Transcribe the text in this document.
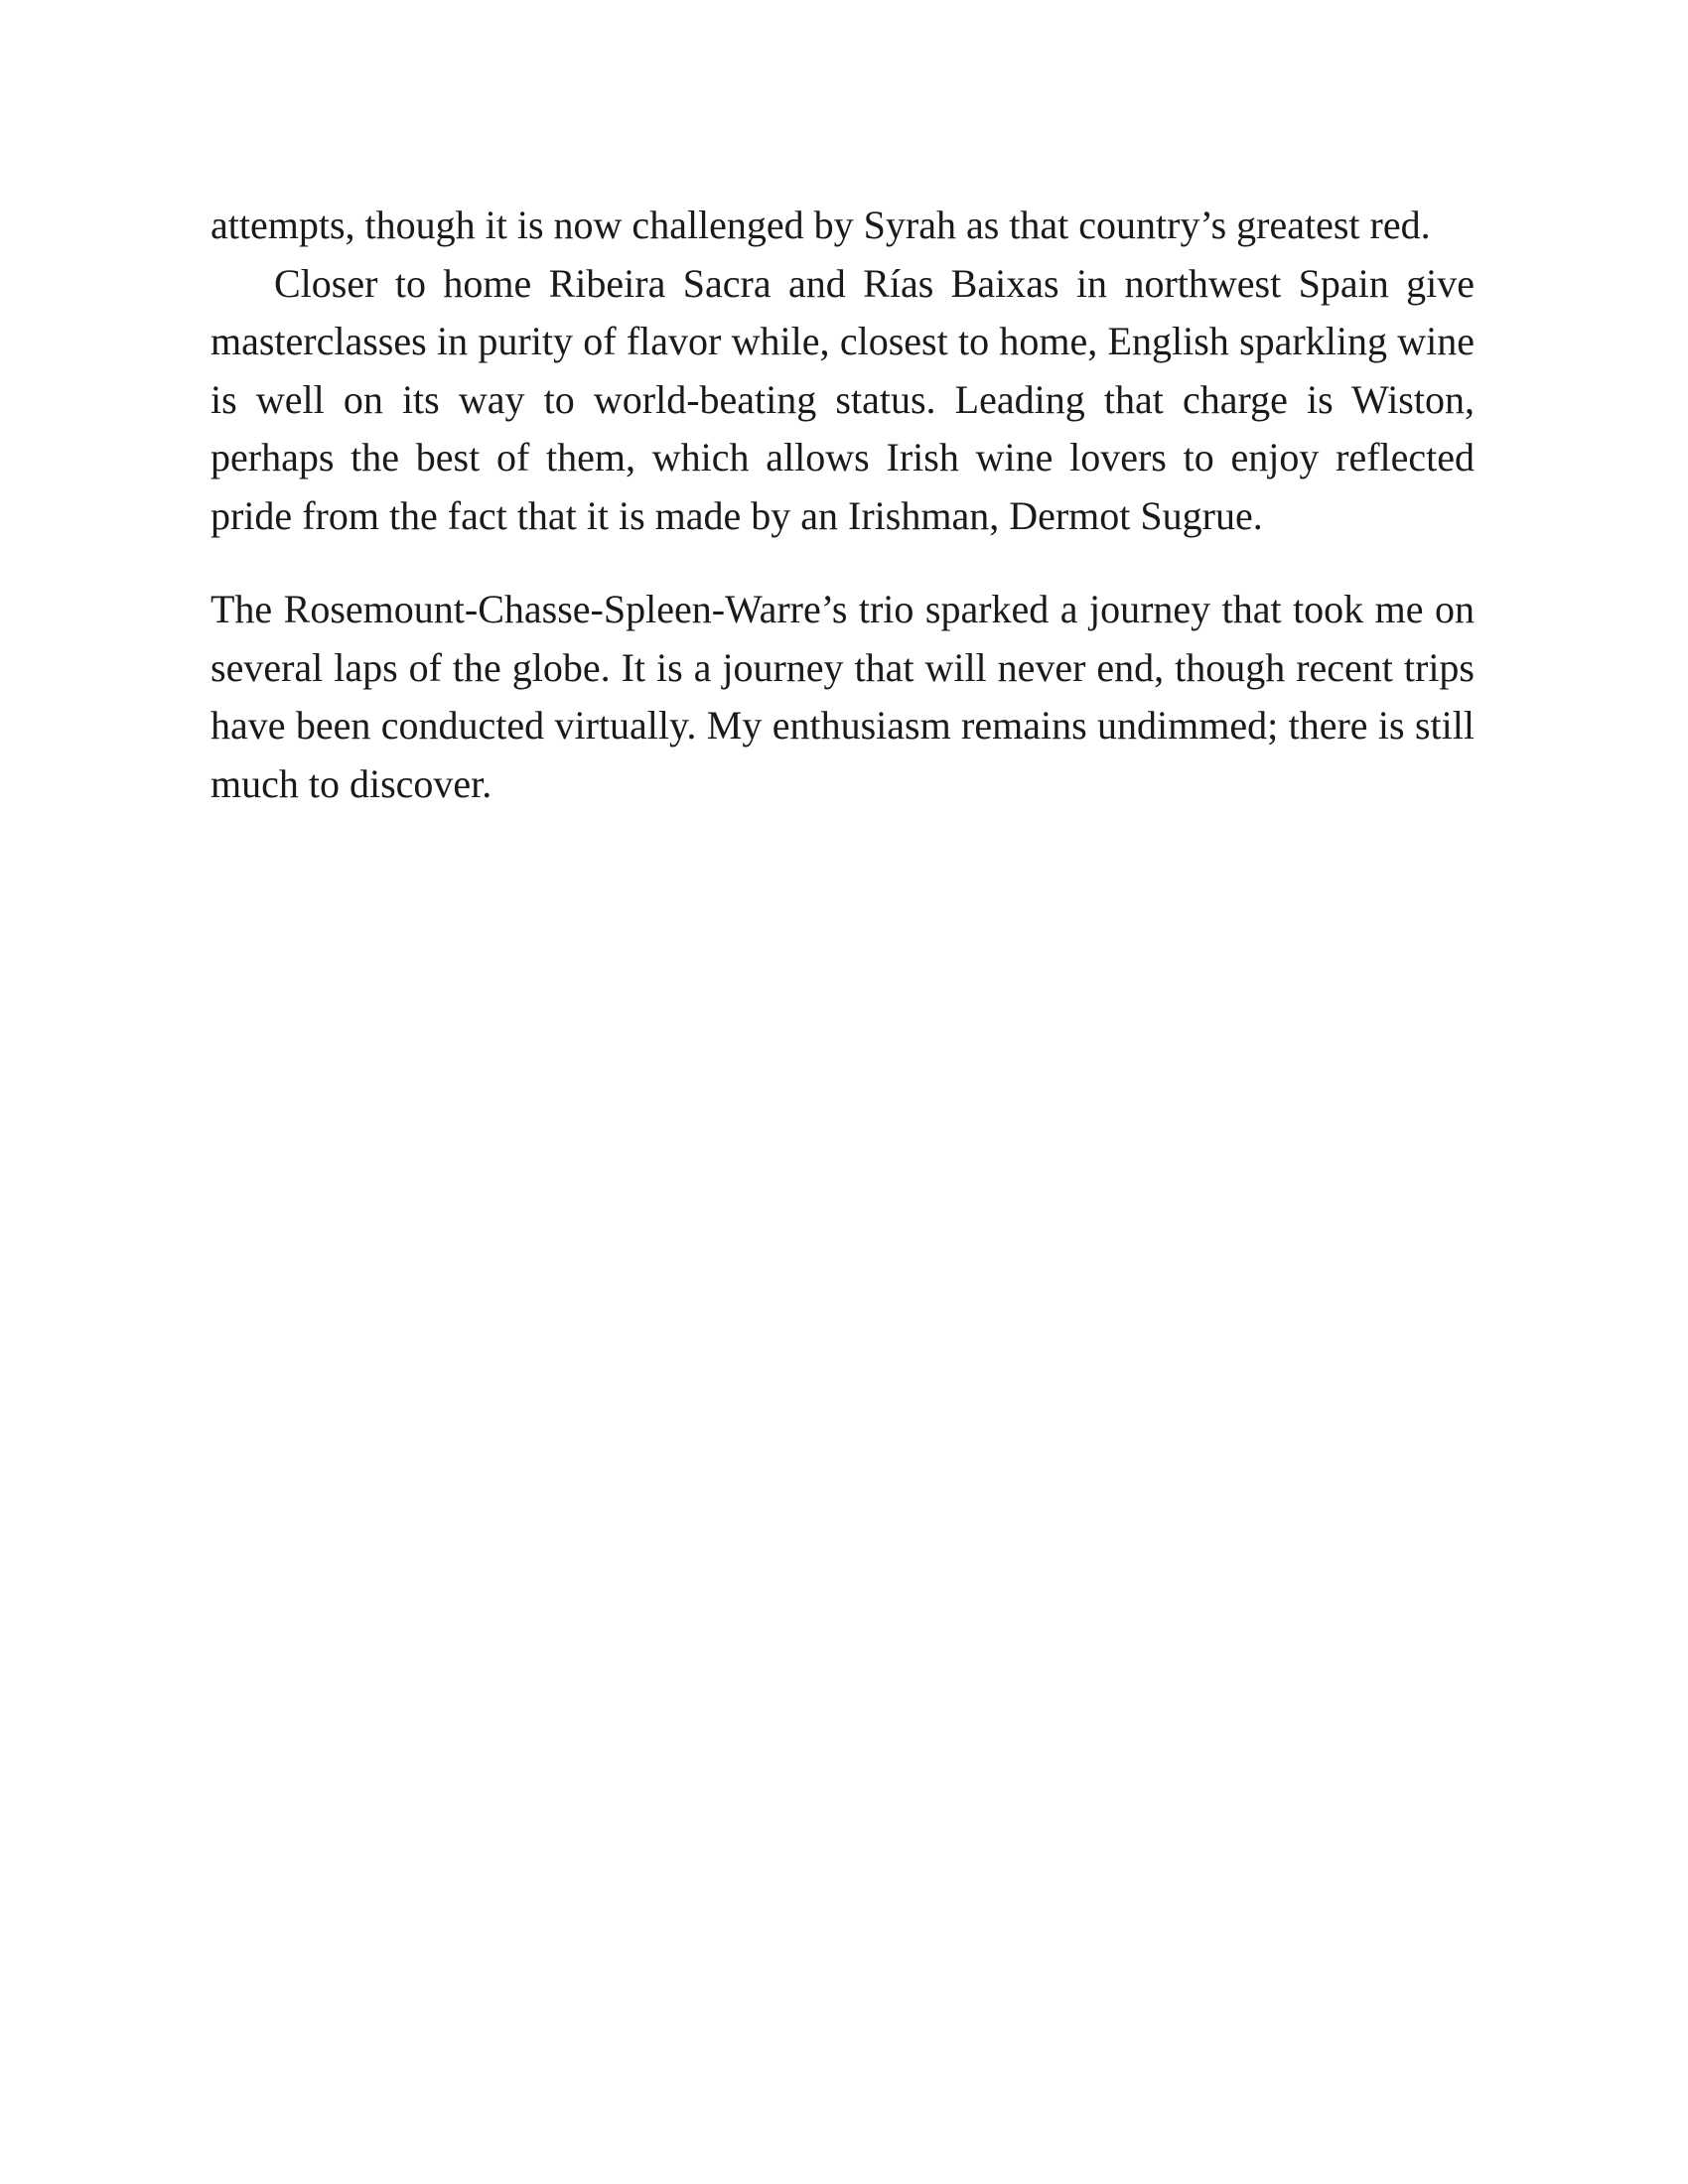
attempts, though it is now challenged by Syrah as that country’s greatest red.

Closer to home Ribeira Sacra and Rías Baixas in northwest Spain give masterclasses in purity of flavor while, closest to home, English sparkling wine is well on its way to world-beating status. Leading that charge is Wiston, perhaps the best of them, which allows Irish wine lovers to enjoy reflected pride from the fact that it is made by an Irishman, Dermot Sugrue.

The Rosemount-Chasse-Spleen-Warre’s trio sparked a journey that took me on several laps of the globe. It is a journey that will never end, though recent trips have been conducted virtually. My enthusiasm remains undimmed; there is still much to discover.
